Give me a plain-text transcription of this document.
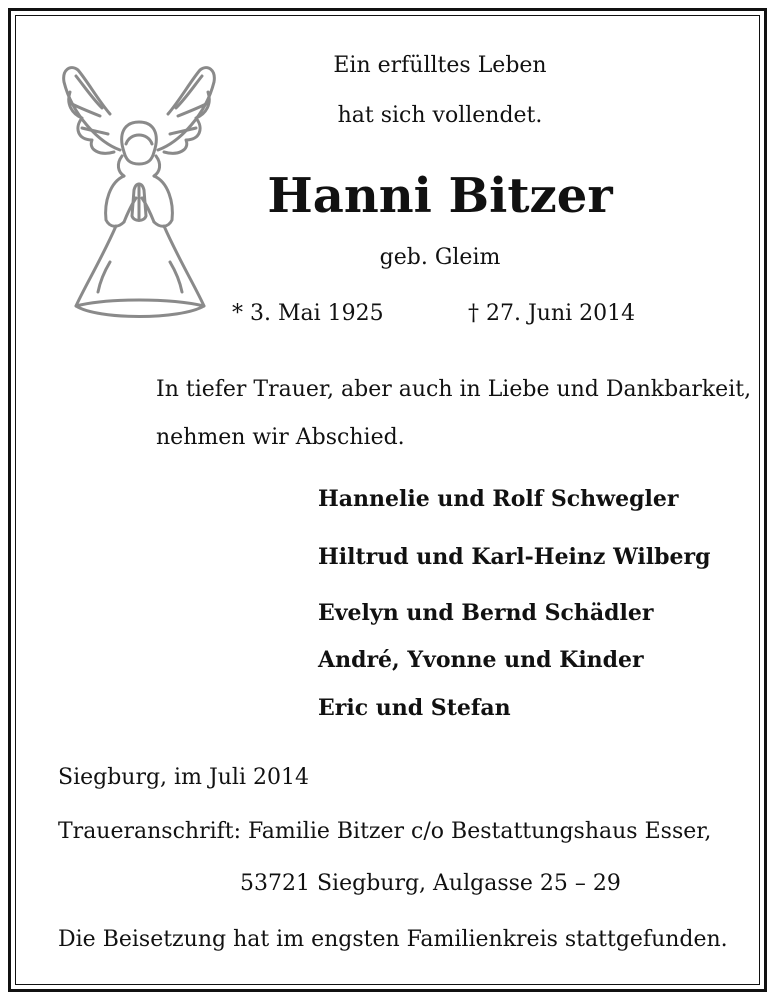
Ein erfülltes Leben
hat sich vollendet.
Hanni Bitzer
geb. Gleim
* 3. Mai 1925	† 27. Juni 2014
In tiefer Trauer, aber auch in Liebe und Dankbarkeit,
nehmen wir Abschied.
Hannelie und Rolf Schwegler
Hiltrud und Karl-Heinz Wilberg
Evelyn und Bernd Schädler
André, Yvonne und Kinder
Eric und Stefan
Siegburg, im Juli 2014
Traueranschrift: Familie Bitzer c/o Bestattungshaus Esser,
53721 Siegburg, Aulgasse 25 – 29
Die Beisetzung hat im engsten Familienkreis stattgefunden.
